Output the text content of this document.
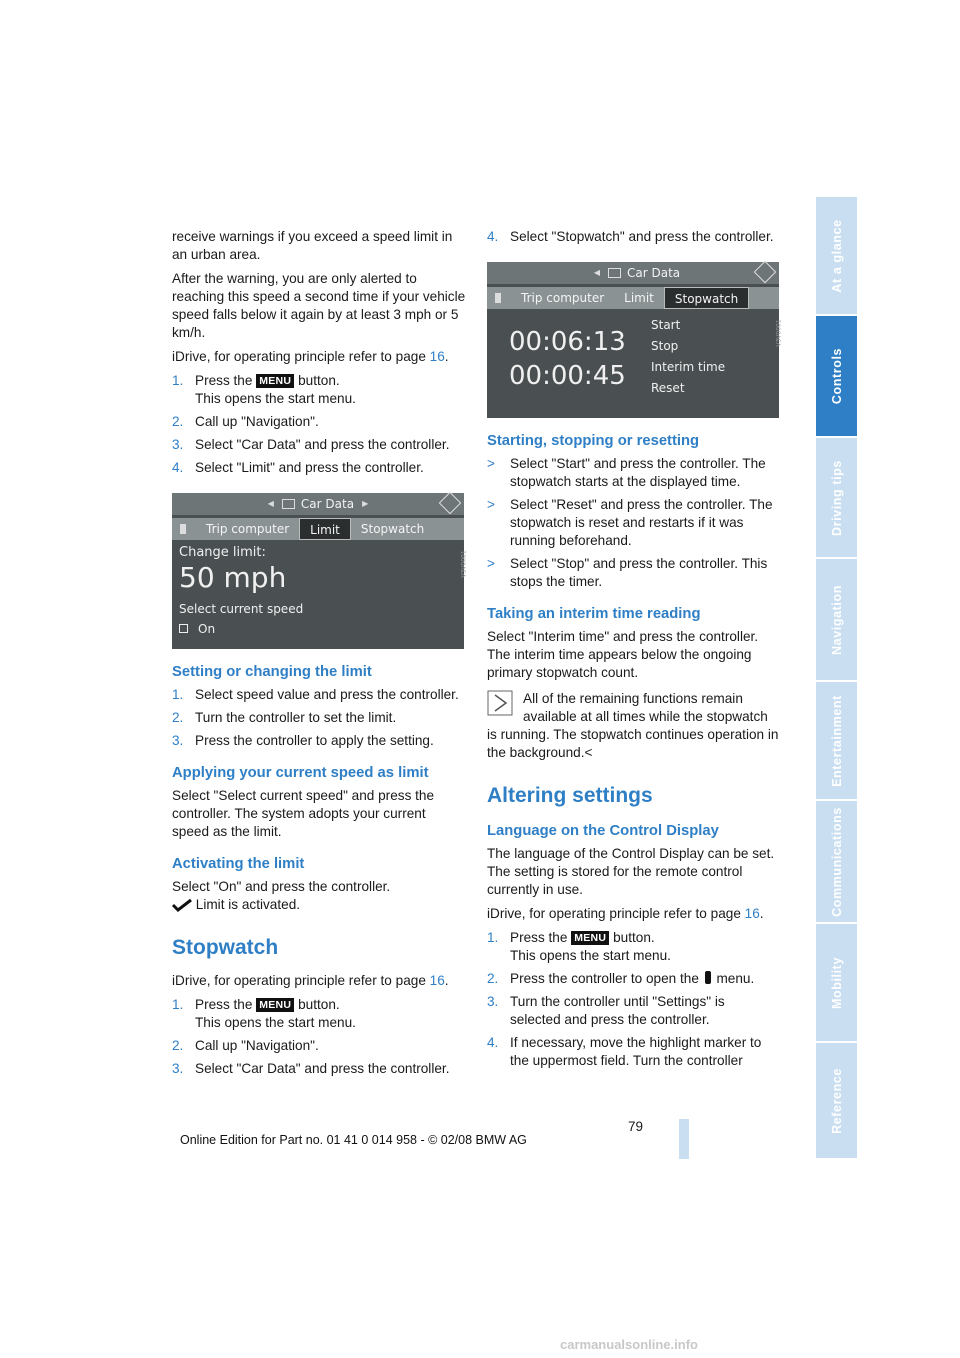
receive warnings if you exceed a speed limit in an urban area.

After the warning, you are only alerted to reaching this speed a second time if your vehicle speed falls below it again by at least 3 mph or 5 km/h.

iDrive, for operating principle refer to page 16.

1. Press the MENU button.
This opens the start menu.
2. Call up "Navigation".
3. Select "Car Data" and press the controller.
4. Select "Limit" and press the controller.
◀ Car Data ▶
Trip computer	Limit	Stopwatch
Change limit:
50 mph
Select current speed
On
V3V0001
Setting or changing the limit
1. Select speed value and press the controller.
2. Turn the controller to set the limit.
3. Press the controller to apply the setting.
Applying your current speed as limit

Select "Select current speed" and press the controller. The system adopts your current speed as the limit.

Activating the limit

Select "On" and press the controller.

Limit is activated.

Stopwatch

iDrive, for operating principle refer to page 16.

1. Press the MENU button.
This opens the start menu.
2. Call up "Navigation".
3. Select "Car Data" and press the controller.
4. Select "Stopwatch" and press the controller.
◀ Car Data
Trip computer	Limit	Stopwatch
00:06:13
00:00:45
Start
Stop
Interim time
Reset
V3V0001
Starting, stopping or resetting
>	Select "Start" and press the controller. The stopwatch starts at the displayed time.
>	Select "Reset" and press the controller. The stopwatch is reset and restarts if it was running beforehand.
>	Select "Stop" and press the controller. This stops the timer.
Taking an interim time reading

Select "Interim time" and press the controller. The interim time appears below the ongoing primary stopwatch count.

All of the remaining functions remain available at all times while the stopwatch is running. The stopwatch continues operation in the background.<

Altering settings
Language on the Control Display

The language of the Control Display can be set. The setting is stored for the remote control currently in use.

iDrive, for operating principle refer to page 16.

1. Press the MENU button.
This opens the start menu.
2. Press the controller to open the  menu.
3. Turn the controller until "Settings" is selected and press the controller.
4. If necessary, move the highlight marker to the uppermost field. Turn the controller
At a glance
Controls
Driving tips
Navigation
Entertainment
Communications
Mobility
Reference
79
Online Edition for Part no. 01 41 0 014 958 - © 02/08 BMW AG
carmanualsonline.info
